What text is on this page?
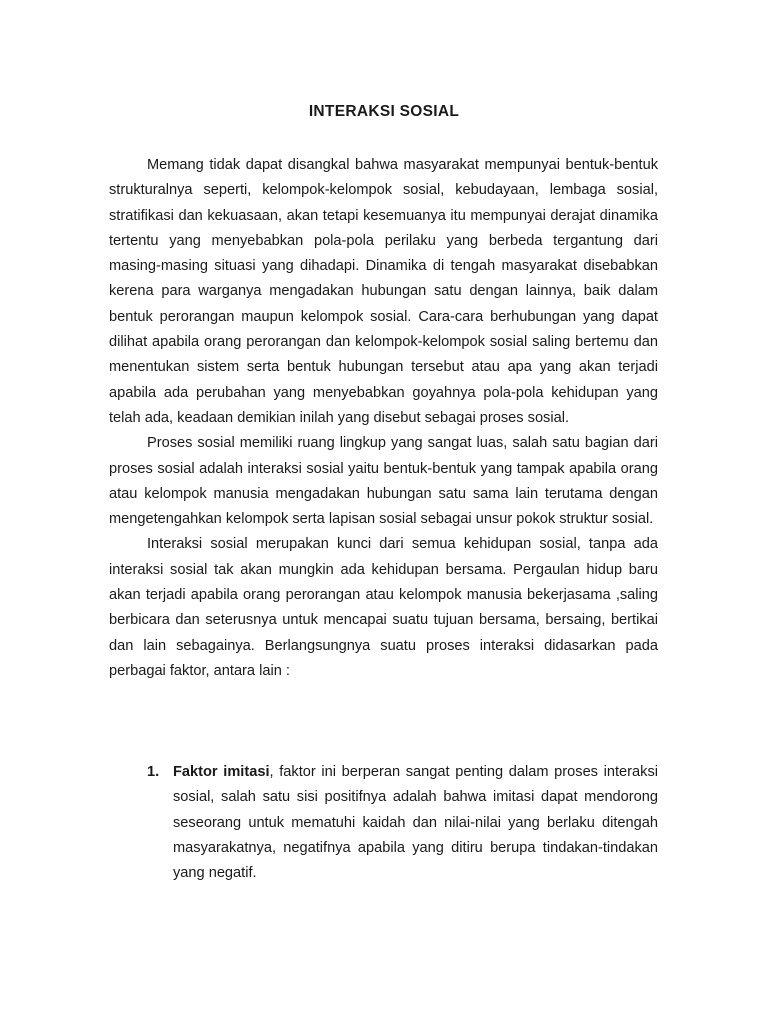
INTERAKSI SOSIAL

Memang tidak dapat disangkal bahwa masyarakat mempunyai bentuk-bentuk strukturalnya seperti, kelompok-kelompok sosial, kebudayaan, lembaga sosial, stratifikasi dan kekuasaan, akan tetapi kesemuanya itu mempunyai derajat dinamika tertentu yang menyebabkan pola-pola perilaku yang berbeda tergantung dari masing-masing situasi yang dihadapi. Dinamika di tengah masyarakat disebabkan kerena para warganya mengadakan hubungan satu dengan lainnya, baik dalam bentuk perorangan maupun kelompok sosial. Cara-cara berhubungan yang dapat dilihat apabila orang perorangan dan kelompok-kelompok sosial saling bertemu dan menentukan sistem serta bentuk hubungan tersebut atau apa yang akan terjadi apabila ada perubahan yang menyebabkan goyahnya pola-pola kehidupan yang telah ada, keadaan demikian inilah yang disebut sebagai proses sosial.

Proses sosial memiliki ruang lingkup yang sangat luas, salah satu bagian dari proses sosial adalah interaksi sosial yaitu bentuk-bentuk yang tampak apabila orang atau kelompok manusia mengadakan hubungan satu sama lain terutama dengan mengetengahkan kelompok serta lapisan sosial sebagai unsur pokok struktur sosial.

Interaksi sosial merupakan kunci dari semua kehidupan sosial, tanpa ada interaksi sosial tak akan mungkin ada kehidupan bersama. Pergaulan hidup baru akan terjadi apabila orang perorangan atau kelompok manusia bekerjasama ,saling berbicara dan seterusnya untuk mencapai suatu tujuan bersama, bersaing, bertikai dan lain sebagainya. Berlangsungnya suatu proses interaksi didasarkan pada perbagai faktor, antara lain :

1. Faktor imitasi, faktor ini berperan sangat penting dalam proses interaksi sosial, salah satu sisi positifnya adalah bahwa imitasi dapat mendorong seseorang untuk mematuhi kaidah dan nilai-nilai yang berlaku ditengah masyarakatnya, negatifnya apabila yang ditiru berupa tindakan-tindakan yang negatif.
